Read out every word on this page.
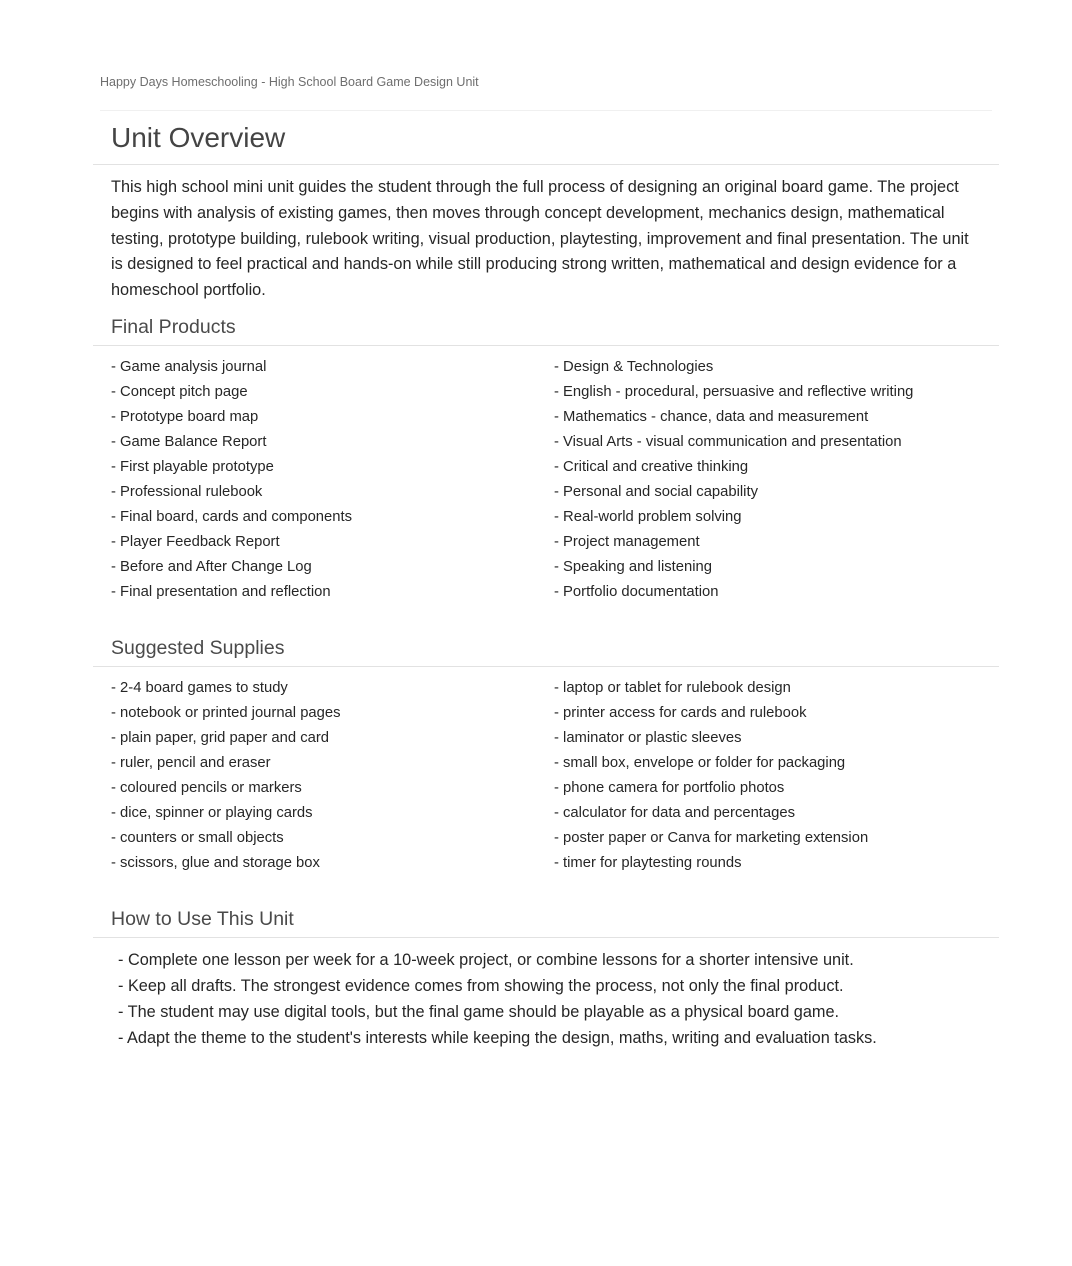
Happy Days Homeschooling - High School Board Game Design Unit
Unit Overview

This high school mini unit guides the student through the full process of designing an original board game. The project begins with analysis of existing games, then moves through concept development, mechanics design, mathematical testing, prototype building, rulebook writing, visual production, playtesting, improvement and final presentation. The unit is designed to feel practical and hands-on while still producing strong written, mathematical and design evidence for a homeschool portfolio.

Final Products
- Game analysis journal
- Concept pitch page
- Prototype board map
- Game Balance Report
- First playable prototype
- Professional rulebook
- Final board, cards and components
- Player Feedback Report
- Before and After Change Log
- Final presentation and reflection
- Design & Technologies
- English - procedural, persuasive and reflective writing
- Mathematics - chance, data and measurement
- Visual Arts - visual communication and presentation
- Critical and creative thinking
- Personal and social capability
- Real-world problem solving
- Project management
- Speaking and listening
- Portfolio documentation
Suggested Supplies
- 2-4 board games to study
- notebook or printed journal pages
- plain paper, grid paper and card
- ruler, pencil and eraser
- coloured pencils or markers
- dice, spinner or playing cards
- counters or small objects
- scissors, glue and storage box
- laptop or tablet for rulebook design
- printer access for cards and rulebook
- laminator or plastic sleeves
- small box, envelope or folder for packaging
- phone camera for portfolio photos
- calculator for data and percentages
- poster paper or Canva for marketing extension
- timer for playtesting rounds
How to Use This Unit
- Complete one lesson per week for a 10-week project, or combine lessons for a shorter intensive unit.
- Keep all drafts. The strongest evidence comes from showing the process, not only the final product.
- The student may use digital tools, but the final game should be playable as a physical board game.
- Adapt the theme to the student's interests while keeping the design, maths, writing and evaluation tasks.
